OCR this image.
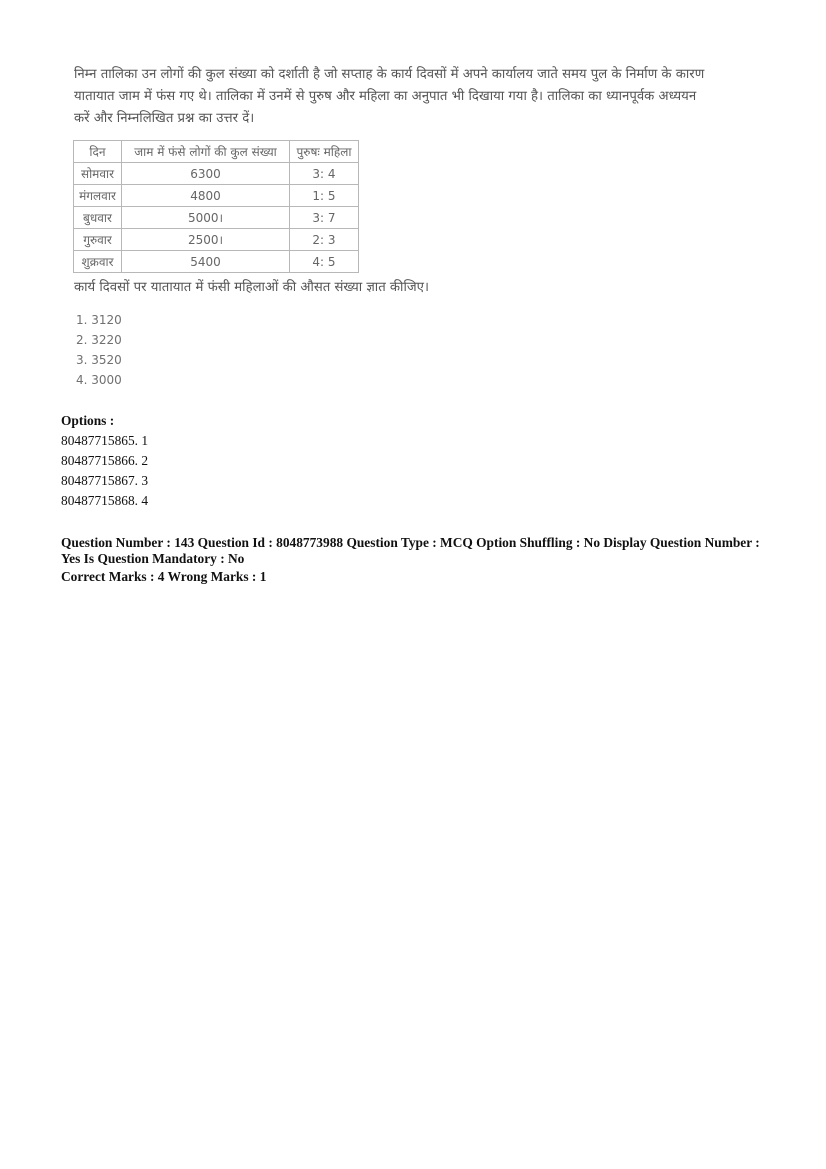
निम्न तालिका उन लोगों की कुल संख्या को दर्शाती है जो सप्ताह के कार्य दिवसों में अपने कार्यालय जाते समय पुल के निर्माण के कारण

यातायात जाम में फंस गए थे। तालिका में उनमें से पुरुष और महिला का अनुपात भी दिखाया गया है। तालिका का ध्यानपूर्वक अध्ययन

करें और निम्नलिखित प्रश्न का उत्तर दें।

दिन	जाम में फंसे लोगों की कुल संख्या	पुरुषः महिला
सोमवार	6300	3: 4
मंगलवार	4800	1: 5
बुधवार	5000।	3: 7
गुरुवार	2500।	2: 3
शुक्रवार	5400	4: 5

कार्य दिवसों पर यातायात में फंसी महिलाओं की औसत संख्या ज्ञात कीजिए।

1. 3120
2. 3220
3. 3520
4. 3000
Options :
80487715865. 1
80487715866. 2
80487715867. 3
80487715868. 4
Question Number : 143 Question Id : 8048773988 Question Type : MCQ Option Shuffling : No Display Question Number :
Yes Is Question Mandatory : No
Correct Marks : 4 Wrong Marks : 1
